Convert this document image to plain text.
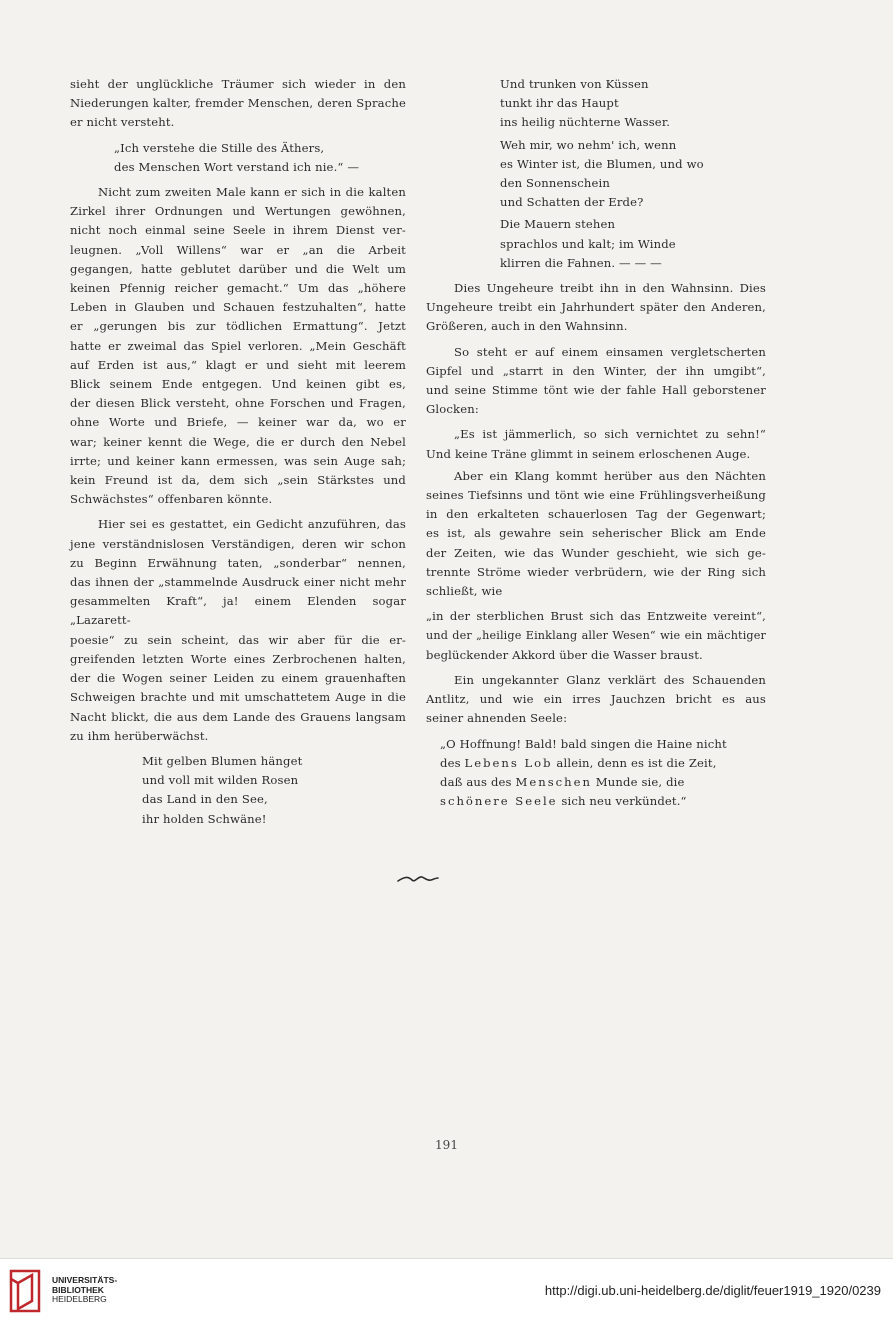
sieht der unglückliche Träumer sich wieder in den

Niederungen kalter, fremder Menschen, deren Sprache

er nicht versteht.

„Ich verstehe die Stille des Äthers,

des Menschen Wort verstand ich nie.“ —

Nicht zum zweiten Male kann er sich in die kalten

Zirkel ihrer Ordnungen und Wertungen gewöhnen,

nicht noch einmal seine Seele in ihrem Dienst ver-

leugnen. „Voll Willens“ war er „an die Arbeit

gegangen, hatte geblutet darüber und die Welt um

keinen Pfennig reicher gemacht.“ Um das „höhere

Leben in Glauben und Schauen festzuhalten“, hatte

er „gerungen bis zur tödlichen Ermattung“. Jetzt

hatte er zweimal das Spiel verloren. „Mein Geschäft

auf Erden ist aus,“ klagt er und sieht mit leerem

Blick seinem Ende entgegen. Und keinen gibt es,

der diesen Blick versteht, ohne Forschen und Fragen,

ohne Worte und Briefe, — keiner war da, wo er

war; keiner kennt die Wege, die er durch den Nebel

irrte; und keiner kann ermessen, was sein Auge sah;

kein Freund ist da, dem sich „sein Stärkstes und

Schwächstes“ offenbaren könnte.

Hier sei es gestattet, ein Gedicht anzuführen, das

jene verständnislosen Verständigen, deren wir schon

zu Beginn Erwähnung taten, „sonderbar“ nennen,

das ihnen der „stammelnde Ausdruck einer nicht mehr

gesammelten Kraft“, ja! einem Elenden sogar „Lazarett-

poesie“ zu sein scheint, das wir aber für die er-

greifenden letzten Worte eines Zerbrochenen halten,

der die Wogen seiner Leiden zu einem grauenhaften

Schweigen brachte und mit umschattetem Auge in die

Nacht blickt, die aus dem Lande des Grauens langsam

zu ihm herüberwächst.

Mit gelben Blumen hänget

und voll mit wilden Rosen

das Land in den See,

ihr holden Schwäne!

Und trunken von Küssen

tunkt ihr das Haupt

ins heilig nüchterne Wasser.

Weh mir, wo nehm' ich, wenn

es Winter ist, die Blumen, und wo

den Sonnenschein

und Schatten der Erde?

Die Mauern stehen

sprachlos und kalt; im Winde

klirren die Fahnen. — — —

Dies Ungeheure treibt ihn in den Wahnsinn. Dies

Ungeheure treibt ein Jahrhundert später den Anderen,

Größeren, auch in den Wahnsinn.

So steht er auf einem einsamen vergletscherten

Gipfel und „starrt in den Winter, der ihn umgibt“,

und seine Stimme tönt wie der fahle Hall geborstener

Glocken:

„Es ist jämmerlich, so sich vernichtet zu sehn!“

Und keine Träne glimmt in seinem erloschenen Auge.

Aber ein Klang kommt herüber aus den Nächten

seines Tiefsinns und tönt wie eine Frühlingsverheißung

in den erkalteten schauerlosen Tag der Gegenwart;

es ist, als gewahre sein seherischer Blick am Ende

der Zeiten, wie das Wunder geschieht, wie sich ge-

trennte Ströme wieder verbrüdern, wie der Ring sich

schließt, wie

„in der sterblichen Brust sich das Entzweite vereint“,

und der „heilige Einklang aller Wesen“ wie ein mächtiger

beglückender Akkord über die Wasser braust.

Ein ungekannter Glanz verklärt des Schauenden

Antlitz, und wie ein irres Jauchzen bricht es aus

seiner ahnenden Seele:

„O Hoffnung! Bald! bald singen die Haine nicht

des Lebens Lob allein, denn es ist die Zeit,

daß aus des Menschen Munde sie, die

schönere Seele sich neu verkündet.“

191
UNIVERSITÄTS-
BIBLIOTHEK
HEIDELBERG
http://digi.ub.uni-heidelberg.de/diglit/feuer1919_1920/0239
